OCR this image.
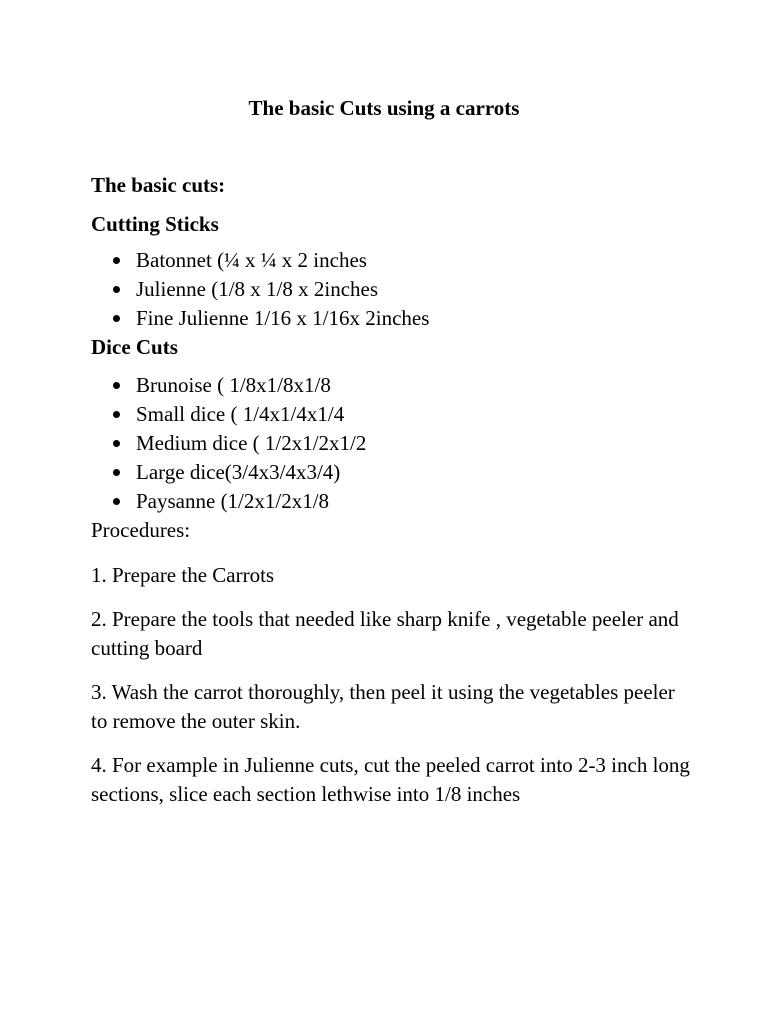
The basic Cuts using a carrots

The basic cuts:

Cutting Sticks

Batonnet (¼ x ¼ x 2 inches
Julienne (1/8 x 1/8 x 2inches
Fine Julienne 1/16 x 1/16x 2inches

Dice Cuts

Brunoise ( 1/8x1/8x1/8
Small dice ( 1/4x1/4x1/4
Medium dice ( 1/2x1/2x1/2
Large dice(3/4x3/4x3/4)
Paysanne (1/2x1/2x1/8

Procedures:

1. Prepare the Carrots

2. Prepare the tools that needed like sharp knife , vegetable peeler and cutting board

3. Wash the carrot thoroughly, then peel it using the vegetables peeler to remove the outer skin.

4. For example in Julienne cuts, cut the peeled carrot into 2-3 inch long sections, slice each section lethwise into 1/8 inches
